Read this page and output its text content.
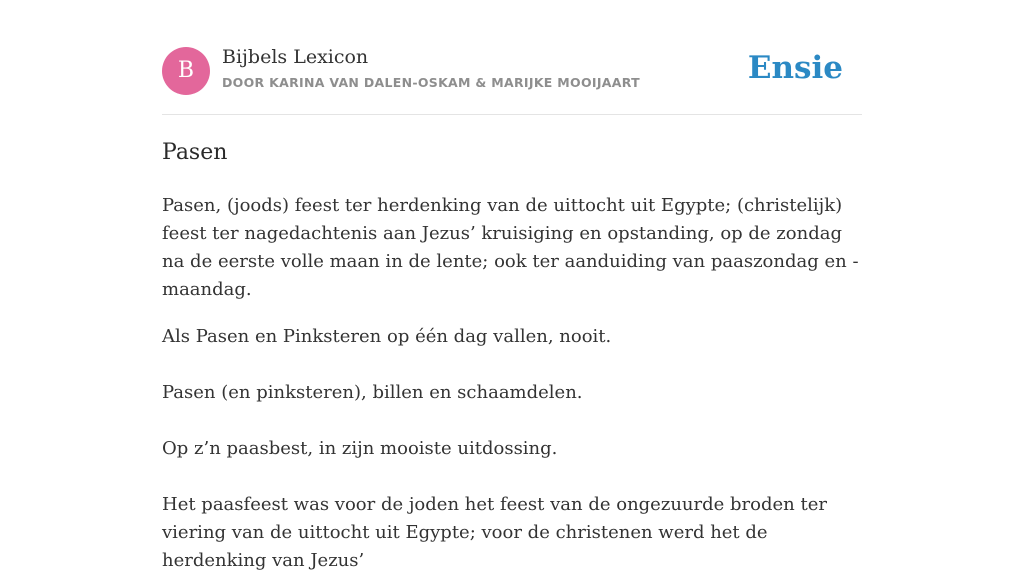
B
Bijbels Lexicon
DOOR KARINA VAN DALEN-OSKAM & MARIJKE MOOIJAART	Ensie
Pasen

Pasen, (joods) feest ter herdenking van de uittocht uit Egypte; (christelijk) feest ter nagedachtenis aan Jezus’ kruisiging en opstanding, op de zondag na de eerste volle maan in de lente; ook ter aanduiding van paaszondag en -maandag.

Als Pasen en Pinksteren op één dag vallen, nooit.

Pasen (en pinksteren), billen en schaamdelen.

Op z’n paasbest, in zijn mooiste uitdossing.

Het paasfeest was voor de joden het feest van de ongezuurde broden ter viering van de uittocht uit Egypte; voor de christenen werd het de herdenking van Jezus’
